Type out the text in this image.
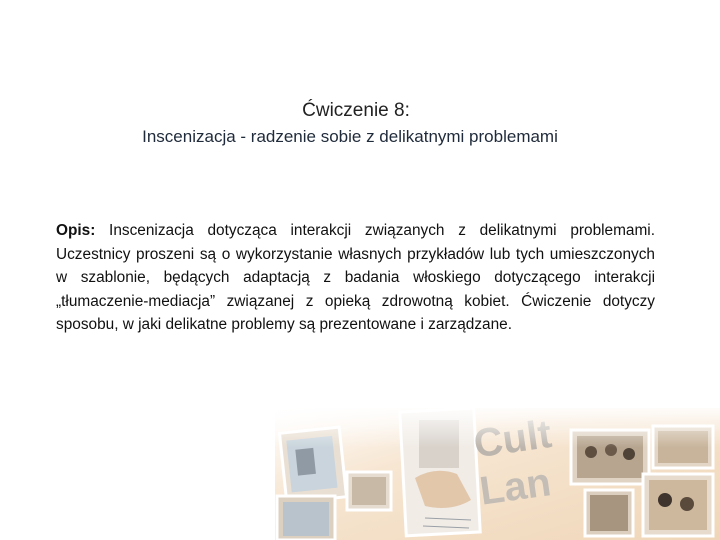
Ćwiczenie 8:
Inscenizacja - radzenie sobie z delikatnymi problemami
Opis: Inscenizacja dotycząca interakcji związanych z delikatnymi problemami. Uczestnicy proszeni są o wykorzystanie własnych przykładów lub tych umieszczonych w szablonie, będących adaptacją z badania włoskiego dotyczącego interakcji „tłumaczenie-mediacja” związanej z opieką zdrowotną kobiet. Ćwiczenie dotyczy sposobu, w jaki delikatne problemy są prezentowane i zarządzane.
